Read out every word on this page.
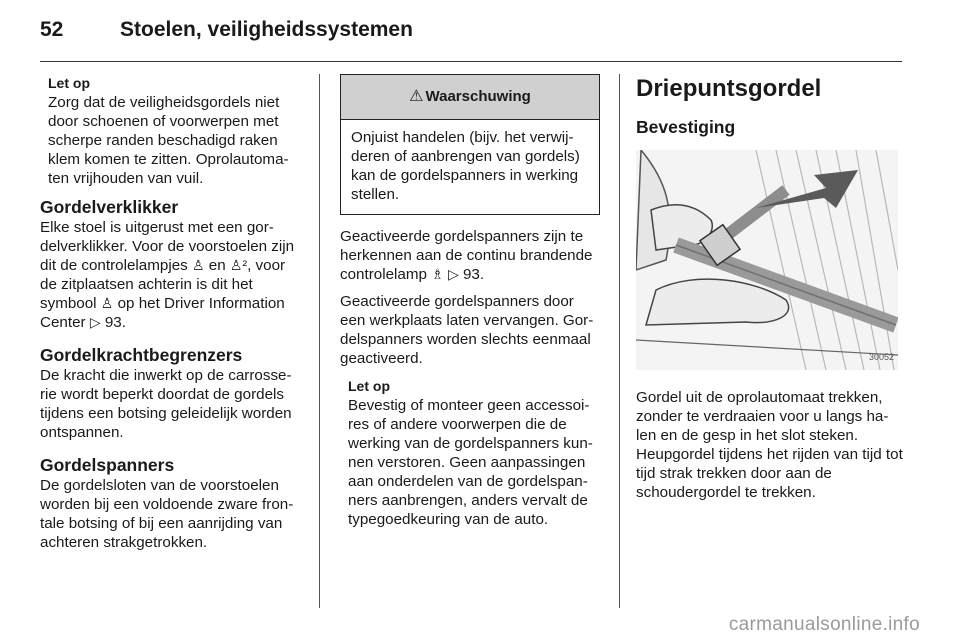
52	Stoelen, veiligheidssystemen
Let op

Zorg dat de veiligheidsgordels niet door schoenen of voorwerpen met scherpe randen beschadigd raken klem komen te zitten. Oprolautoma-ten vrijhouden van vuil.

Gordelverklikker

Elke stoel is uitgerust met een gor-delverklikker. Voor de voorstoelen zijn dit de controlelampjes ♙ en ♙², voor de zitplaatsen achterin is dit het symbool ♙ op het Driver Information Center ▷ 93.

Gordelkrachtbegrenzers

De kracht die inwerkt op de carrosse-rie wordt beperkt doordat de gordels tijdens een botsing geleidelijk worden ontspannen.

Gordelspanners

De gordelsloten van de voorstoelen worden bij een voldoende zware fron-tale botsing of bij een aanrijding van achteren strakgetrokken.

⚠ Waarschuwing
Onjuist handelen (bijv. het verwij-deren of aanbrengen van gordels) kan de gordelspanners in werking stellen.

Geactiveerde gordelspanners zijn te herkennen aan de continu brandende controlelamp ♗ ▷ 93.

Geactiveerde gordelspanners door een werkplaats laten vervangen. Gor-delspanners worden slechts eenmaal geactiveerd.

Let op

Bevestig of monteer geen accessoi-res of andere voorwerpen die de werking van de gordelspanners kun-nen verstoren. Geen aanpassingen aan onderdelen van de gordelspan-ners aanbrengen, anders vervalt de typegoedkeuring van de auto.

Driepuntsgordel
Bevestiging
30052

Gordel uit de oprolautomaat trekken, zonder te verdraaien voor u langs ha-len en de gesp in het slot steken. Heupgordel tijdens het rijden van tijd tot tijd strak trekken door aan de schoudergordel te trekken.

carmanualsonline.info
